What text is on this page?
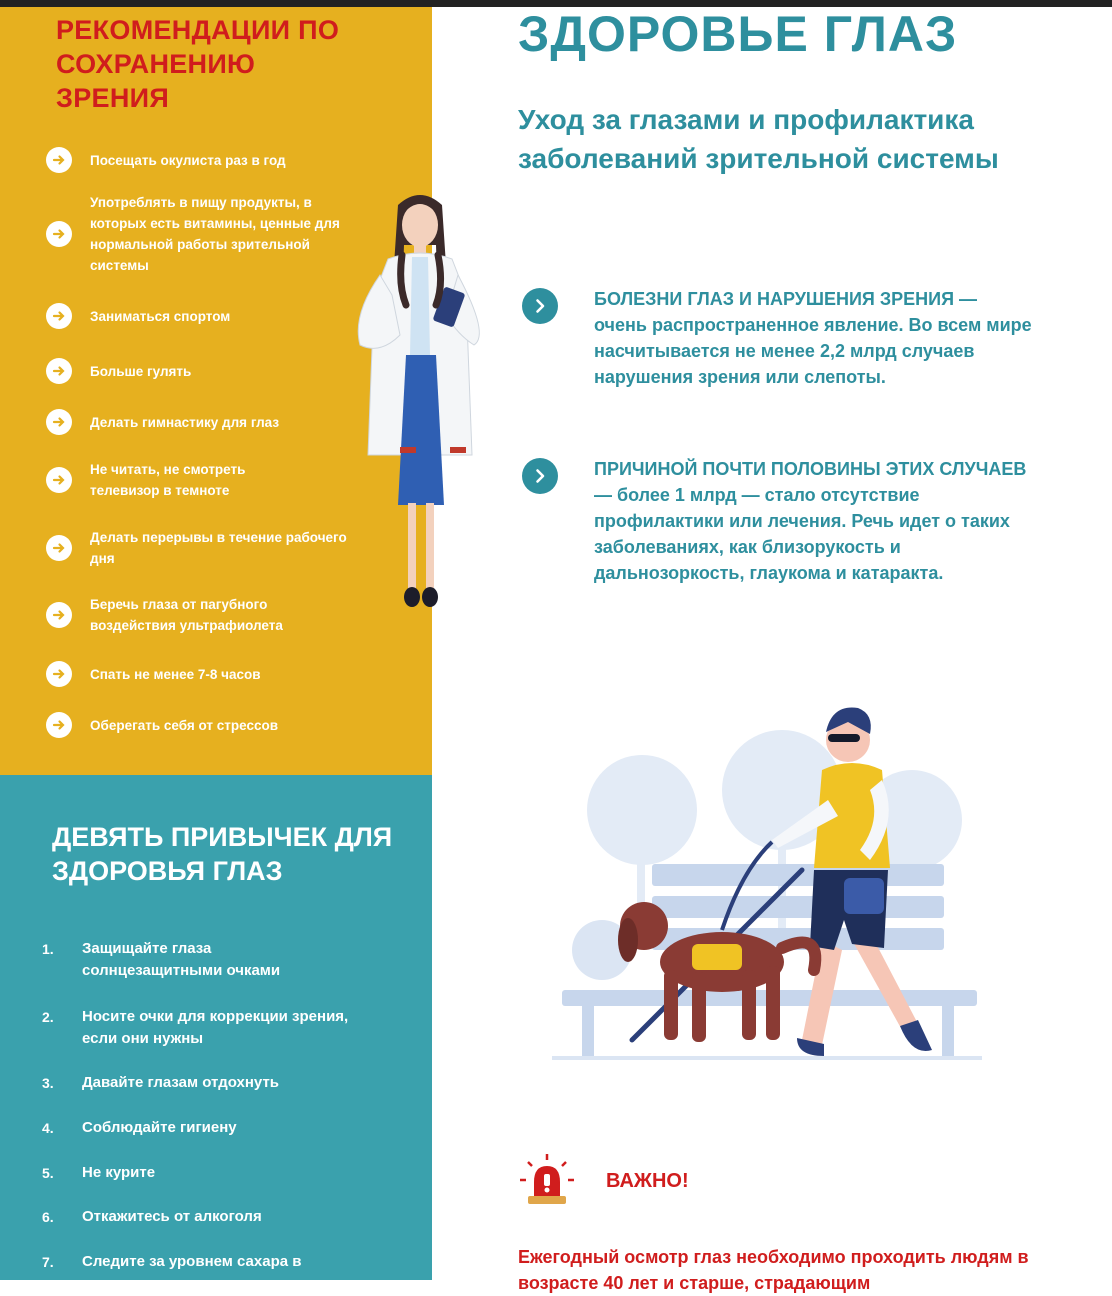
РЕКОМЕНДАЦИИ ПО СОХРАНЕНИЮ ЗРЕНИЯ
Посещать окулиста раз в год
Употреблять в пищу продукты, в которых есть витамины, ценные для нормальной работы зрительной системы
Заниматься спортом
Больше гулять
Делать гимнастику для глаз
Не читать, не смотреть телевизор в темноте
Делать перерывы в течение рабочего дня
Беречь глаза от пагубного воздействия ультрафиолета
Спать не менее 7-8 часов
Оберегать себя от стрессов
ДЕВЯТЬ ПРИВЫЧЕК ДЛЯ ЗДОРОВЬЯ ГЛАЗ
1.	Защищайте глаза солнцезащитными очками
2.	Носите очки для коррекции зрения, если они нужны
3.	Давайте глазам отдохнуть
4.	Соблюдайте гигиену
5.	Не курите
6.	Откажитесь от алкоголя
7.	Следите за уровнем сахара в
ЗДОРОВЬЕ ГЛАЗ
Уход за глазами и профилактика заболеваний зрительной системы
БОЛЕЗНИ ГЛАЗ И НАРУШЕНИЯ ЗРЕНИЯ — очень распространенное явление. Во всем мире насчитывается не менее 2,2 млрд случаев нарушения зрения или слепоты.
ПРИЧИНОЙ ПОЧТИ ПОЛОВИНЫ ЭТИХ СЛУЧАЕВ — более 1 млрд — стало отсутствие профилактики или лечения. Речь идет о таких заболеваниях, как близорукость и дальнозоркость, глаукома и катаракта.
ВАЖНО!
Ежегодный осмотр глаз необходимо проходить людям в возрасте 40 лет и старше, страдающим
